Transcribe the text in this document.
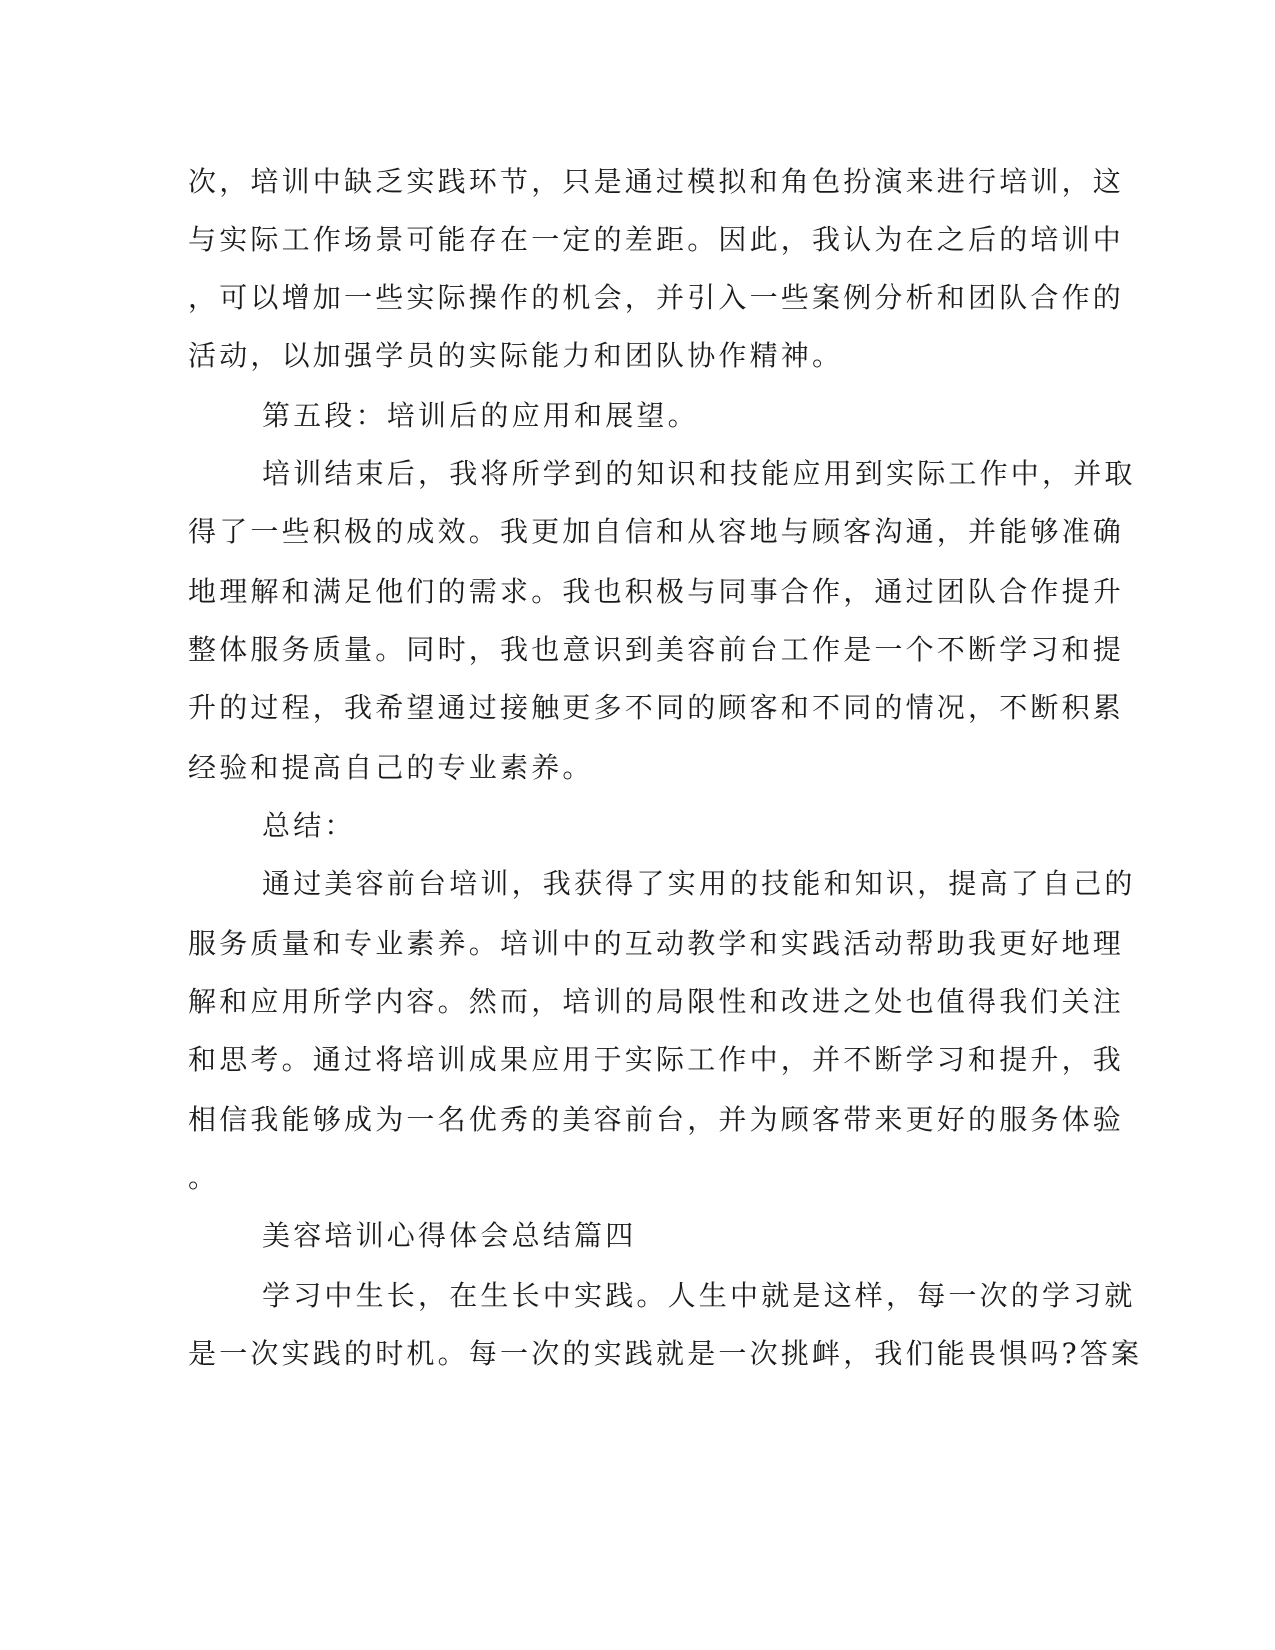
次，培训中缺乏实践环节，只是通过模拟和角色扮演来进行培训，这
与实际工作场景可能存在一定的差距。因此，我认为在之后的培训中
，可以增加一些实际操作的机会，并引入一些案例分析和团队合作的
活动，以加强学员的实际能力和团队协作精神。
第五段：培训后的应用和展望。
培训结束后，我将所学到的知识和技能应用到实际工作中，并取
得了一些积极的成效。我更加自信和从容地与顾客沟通，并能够准确
地理解和满足他们的需求。我也积极与同事合作，通过团队合作提升
整体服务质量。同时，我也意识到美容前台工作是一个不断学习和提
升的过程，我希望通过接触更多不同的顾客和不同的情况，不断积累
经验和提高自己的专业素养。
总结：
通过美容前台培训，我获得了实用的技能和知识，提高了自己的
服务质量和专业素养。培训中的互动教学和实践活动帮助我更好地理
解和应用所学内容。然而，培训的局限性和改进之处也值得我们关注
和思考。通过将培训成果应用于实际工作中，并不断学习和提升，我
相信我能够成为一名优秀的美容前台，并为顾客带来更好的服务体验
。
美容培训心得体会总结篇四
学习中生长，在生长中实践。人生中就是这样，每一次的学习就
是一次实践的时机。每一次的实践就是一次挑衅，我们能畏惧吗?答案
